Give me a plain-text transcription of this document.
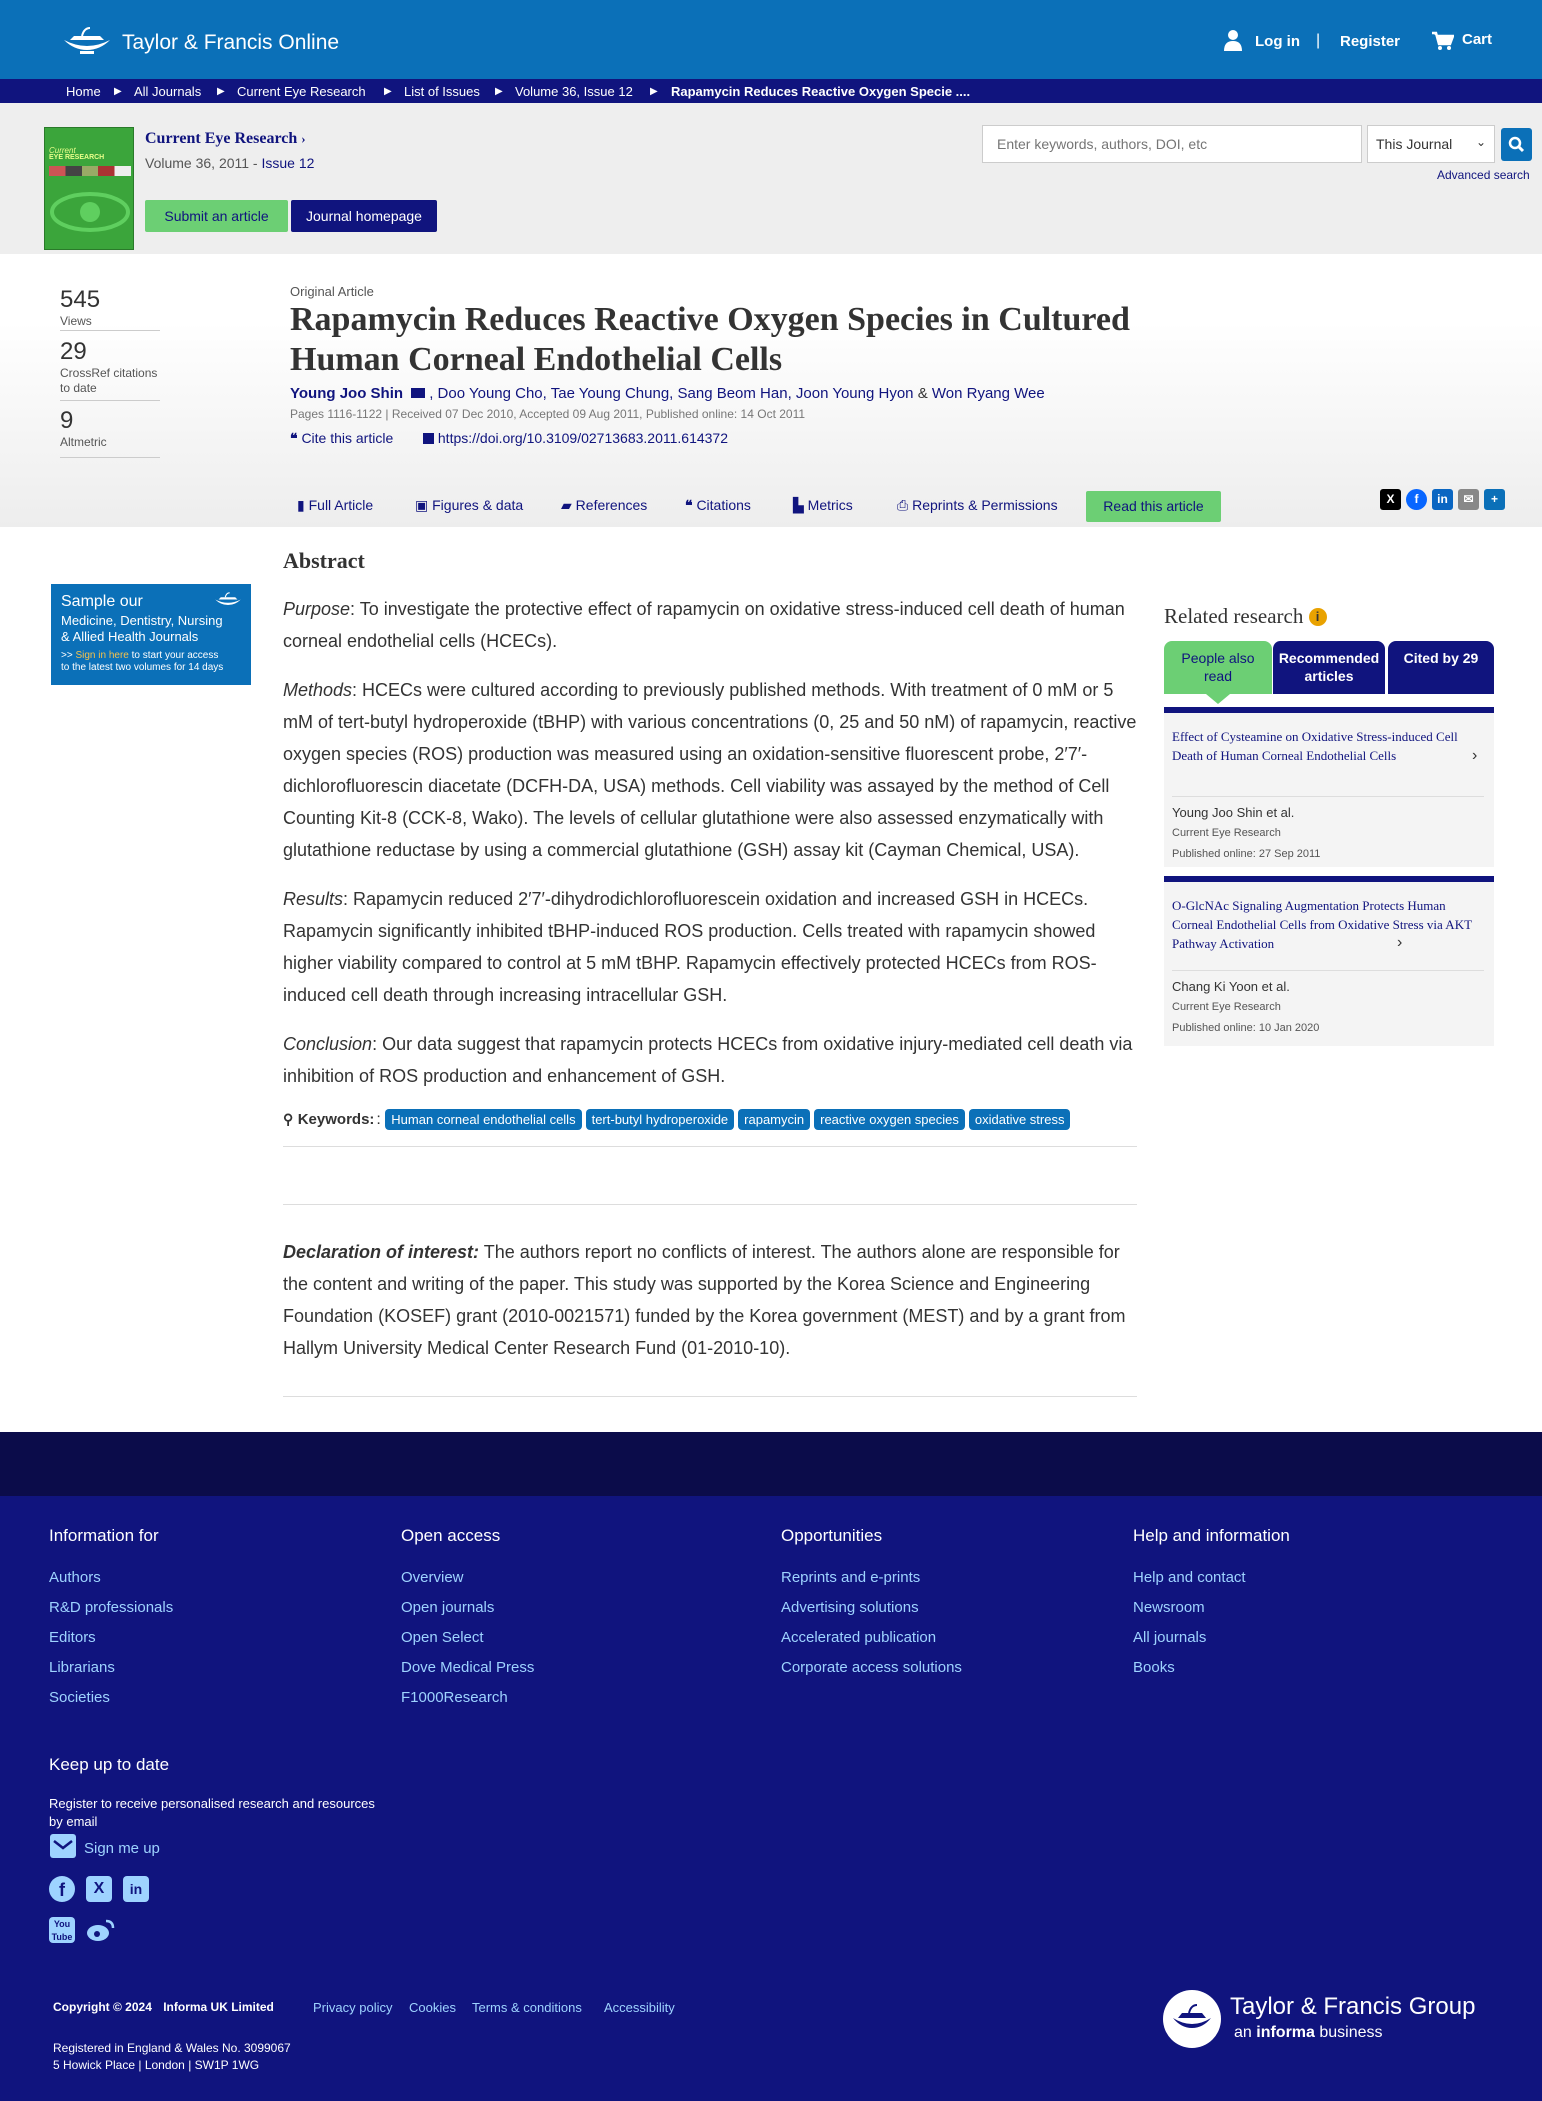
Taylor & Francis Online	Log in | Register	Cart
Home ▶ All Journals ▶ Current Eye Research ▶ List of Issues ▶ Volume 36, Issue 12 ▶ Rapamycin Reduces Reactive Oxygen Specie ....
Current
EYE RESEARCH
Current Eye Research ›
Volume 36, 2011 - Issue 12
Submit an article	Journal homepage
Enter keywords, authors, DOI, etc
This Journal ⌄
Advanced search
545
Views
29
CrossRef citations to date
9
Altmetric
Original Article
Rapamycin Reduces Reactive Oxygen Species in Cultured
Human Corneal Endothelial Cells
Young Joo Shin , Doo Young Cho, Tae Young Chung, Sang Beom Han, Joon Young Hyon & Won Ryang Wee
Pages 1116-1122 | Received 07 Dec 2010, Accepted 09 Aug 2011, Published online: 14 Oct 2011
❝ Cite this article	https://doi.org/10.3109/02713683.2011.614372
▮ Full Article	▣ Figures & data	▰ References	❝ Citations	▙ Metrics	⎙ Reprints & Permissions	Read this article	X	f	in	✉	+
Sample our
Medicine, Dentistry, Nursing
& Allied Health Journals
>> Sign in here to start your access
to the latest two volumes for 14 days
Abstract

Purpose: To investigate the protective effect of rapamycin on oxidative stress-induced cell death of human corneal endothelial cells (HCECs).

Methods: HCECs were cultured according to previously published methods. With treatment of 0 mM or 5 mM of tert-butyl hydroperoxide (tBHP) with various concentrations (0, 25 and 50 nM) of rapamycin, reactive oxygen species (ROS) production was measured using an oxidation-sensitive fluorescent probe, 2′7′-dichlorofluorescin diacetate (DCFH-DA, USA) methods. Cell viability was assayed by the method of Cell Counting Kit-8 (CCK-8, Wako). The levels of cellular glutathione were also assessed enzymatically with glutathione reductase by using a commercial glutathione (GSH) assay kit (Cayman Chemical, USA).

Results: Rapamycin reduced 2′7′-dihydrodichlorofluorescein oxidation and increased GSH in HCECs. Rapamycin significantly inhibited tBHP-induced ROS production. Cells treated with rapamycin showed higher viability compared to control at 5 mM tBHP. Rapamycin effectively protected HCECs from ROS-induced cell death through increasing intracellular GSH.

Conclusion: Our data suggest that rapamycin protects HCECs from oxidative injury-mediated cell death via inhibition of ROS production and enhancement of GSH.

⚲ Keywords: : Human corneal endothelial cells tert-butyl hydroperoxide rapamycin reactive oxygen species oxidative stress

Declaration of interest: The authors report no conflicts of interest. The authors alone are responsible for the content and writing of the paper. This study was supported by the Korea Science and Engineering Foundation (KOSEF) grant (2010-0021571) funded by the Korea government (MEST) and by a grant from Hallym University Medical Center Research Fund (01-2010-10).

Related research i
People also read
Recommended articles
Cited by 29
Effect of Cysteamine on Oxidative Stress-induced Cell Death of Human Corneal Endothelial Cells	›
Young Joo Shin et al.
Current Eye Research
Published online: 27 Sep 2011
O-GlcNAc Signaling Augmentation Protects Human Corneal Endothelial Cells from Oxidative Stress via AKT Pathway Activation	›
Chang Ki Yoon et al.
Current Eye Research
Published online: 10 Jan 2020
Information for
Authors
R&D professionals
Editors
Librarians
Societies
Open access
Overview
Open journals
Open Select
Dove Medical Press
F1000Research
Opportunities
Reprints and e-prints
Advertising solutions
Accelerated publication
Corporate access solutions
Help and information
Help and contact
Newsroom
All journals
Books
Keep up to date
Register to receive personalised research and resources by email
Sign me up
f	X	in
You
Tube
Copyright © 2024 Informa UK Limited	Privacy policy Cookies Terms & conditions Accessibility
Registered in England & Wales No. 3099067
5 Howick Place | London | SW1P 1WG
Taylor & Francis Group
an informa business
